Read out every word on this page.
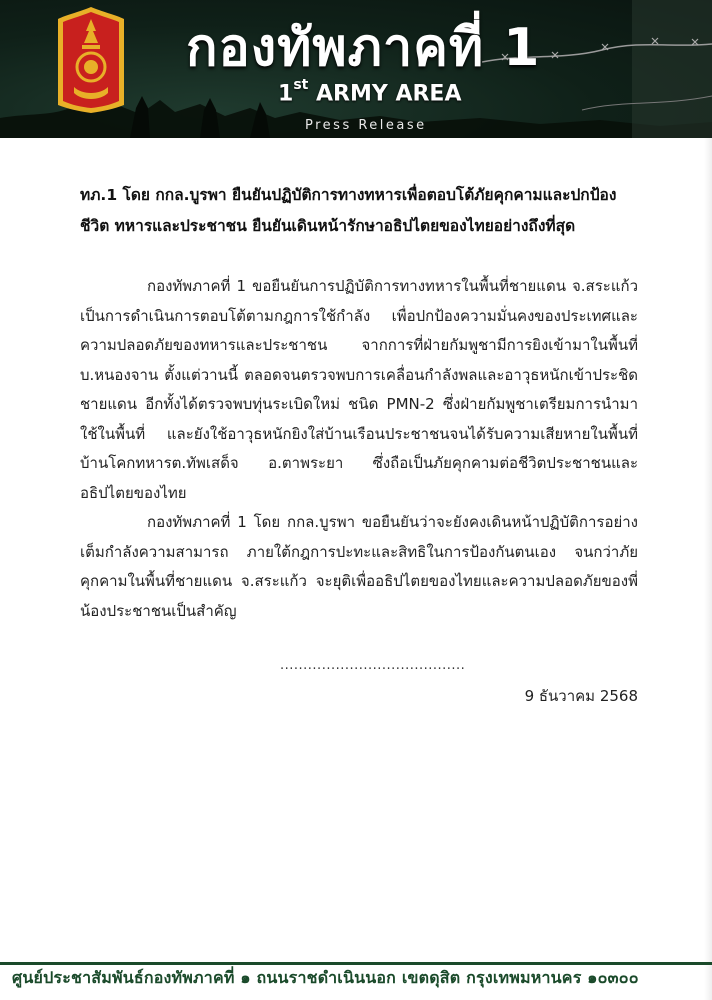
กองทัพภาคที่ 1
1st ARMY AREA
Press Release

ทภ.1 โดย กกล.บูรพา ยืนยันปฏิบัติการทางทหารเพื่อตอบโต้ภัยคุกคามและปกป้องชีวิต ทหารและประชาชน ยืนยันเดินหน้ารักษาอธิปไตยของไทยอย่างถึงที่สุด

กองทัพภาคที่ 1 ขอยืนยันการปฏิบัติการทางทหารในพื้นที่ชายแดน จ.สระแก้ว เป็นการดำเนินการตอบโต้ตามกฎการใช้กำลัง เพื่อปกป้องความมั่นคงของประเทศและความปลอดภัยของทหารและประชาชน จากการที่ฝ่ายกัมพูชามีการยิงเข้ามาในพื้นที่ บ.หนองจาน ตั้งแต่วานนี้ ตลอดจนตรวจพบการเคลื่อนกำลังพลและอาวุธหนักเข้าประชิดชายแดน อีกทั้งได้ตรวจพบทุ่นระเบิดใหม่ ชนิด PMN-2 ซึ่งฝ่ายกัมพูชาเตรียมการนำมาใช้ในพื้นที่ และยังใช้อาวุธหนักยิงใส่บ้านเรือนประชาชนจนได้รับความเสียหายในพื้นที่บ้านโคกทหารต.ทัพเสด็จ อ.ตาพระยา ซึ่งถือเป็นภัยคุกคามต่อชีวิตประชาชนและอธิปไตยของไทย

กองทัพภาคที่ 1 โดย กกล.บูรพา ขอยืนยันว่าจะยังคงเดินหน้าปฏิบัติการอย่างเต็มกำลังความสามารถ ภายใต้กฎการปะทะและสิทธิในการป้องกันตนเอง จนกว่าภัยคุกคามในพื้นที่ชายแดน จ.สระแก้ว จะยุติเพื่ออธิปไตยของไทยและความปลอดภัยของพี่น้องประชาชนเป็นสำคัญ

........................................
9 ธันวาคม 2568
ศูนย์ประชาสัมพันธ์กองทัพภาคที่ ๑ ถนนราชดำเนินนอก เขตดุสิต กรุงเทพมหานคร ๑๐๓๐๐
